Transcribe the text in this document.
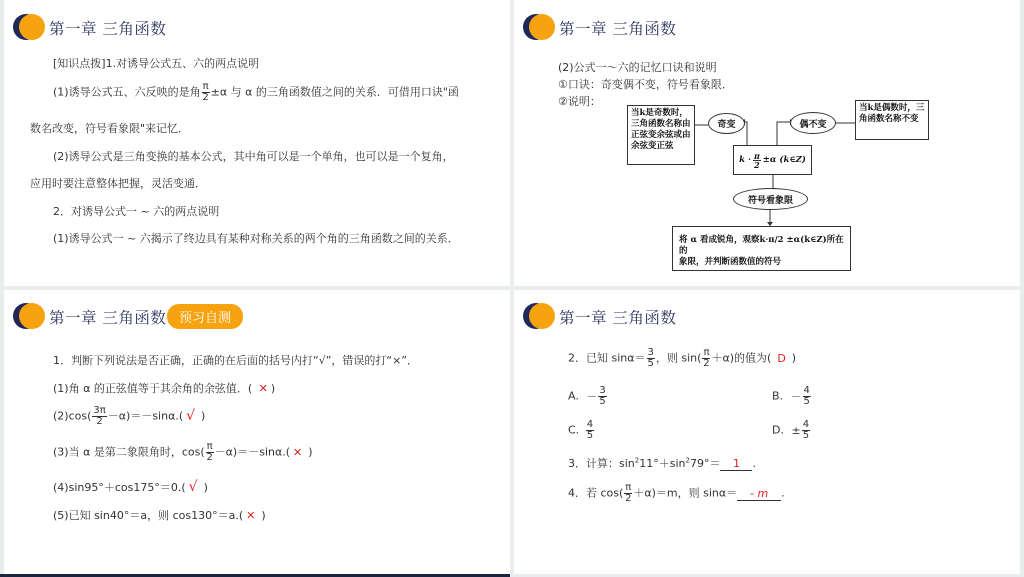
第一章 三角函数
[知识点拨]1.对诱导公式五、六的两点说明
(1)诱导公式五、六反映的是角 $\frac{\pi}{2} \pm\alpha$ 与 α 的三角函数值之间的关系．可借用口诀"函
数名改变，符号看象限"来记忆．
(2)诱导公式是三角变换的基本公式，其中角可以是一个单角，也可以是一个复角，
应用时要注意整体把握，灵活变通．
2．对诱导公式一 ~ 六的两点说明
(1)诱导公式一 ~ 六揭示了终边具有某种对称关系的两个角的三角函数之间的关系．
第一章 三角函数
(2)公式一～六的记忆口诀和说明
①口诀：奇变偶不变，符号看象限．
②说明：
当k是奇数时，三角函数名称由正弦变余弦或由余弦变正弦
奇变	偶不变
当k是偶数时，三角函数名称不变
$k \cdot \frac{\pi}{2} \pm\alpha$ (k∈Z)
符号看象限
将 α 看成锐角，观察k·π/2 ±α(k∈Z)所在的
象限，并判断函数值的符号
第一章 三角函数 预习自测
1．判断下列说法是否正确，正确的在后面的括号内打“√”，错误的打“×”．
(1)角 α 的正弦值等于其余角的余弦值．( ✕ )
$(2)\cos( \frac{3\pi}{2} -\alpha)=-\sin\alpha$.( √ )
(3)当 α 是第二象限角时，$\cos( \frac{\pi}{2} -\alpha)=-\sin\alpha$.( ✕ )
(4)sin95°＋cos175°＝0.( √ )
(5)已知 sin40°＝a，则 cos130°＝a.( ✕ )
第一章 三角函数
2．已知 $\sin\alpha= \frac{3}{5}$ ，则 $\sin( \frac{\pi}{2} +\alpha)$的值为( D )
A. － $\frac{3}{5}$	B. － $\frac{4}{5}$
C. $\frac{4}{5}$	D. ± $\frac{4}{5}$
3．计算：$\sin^211^\circ+\sin^279^\circ= 1$ .
4．若 $\cos( \frac{\pi}{2} +\alpha)=m$，则 sinα＝ - m .
